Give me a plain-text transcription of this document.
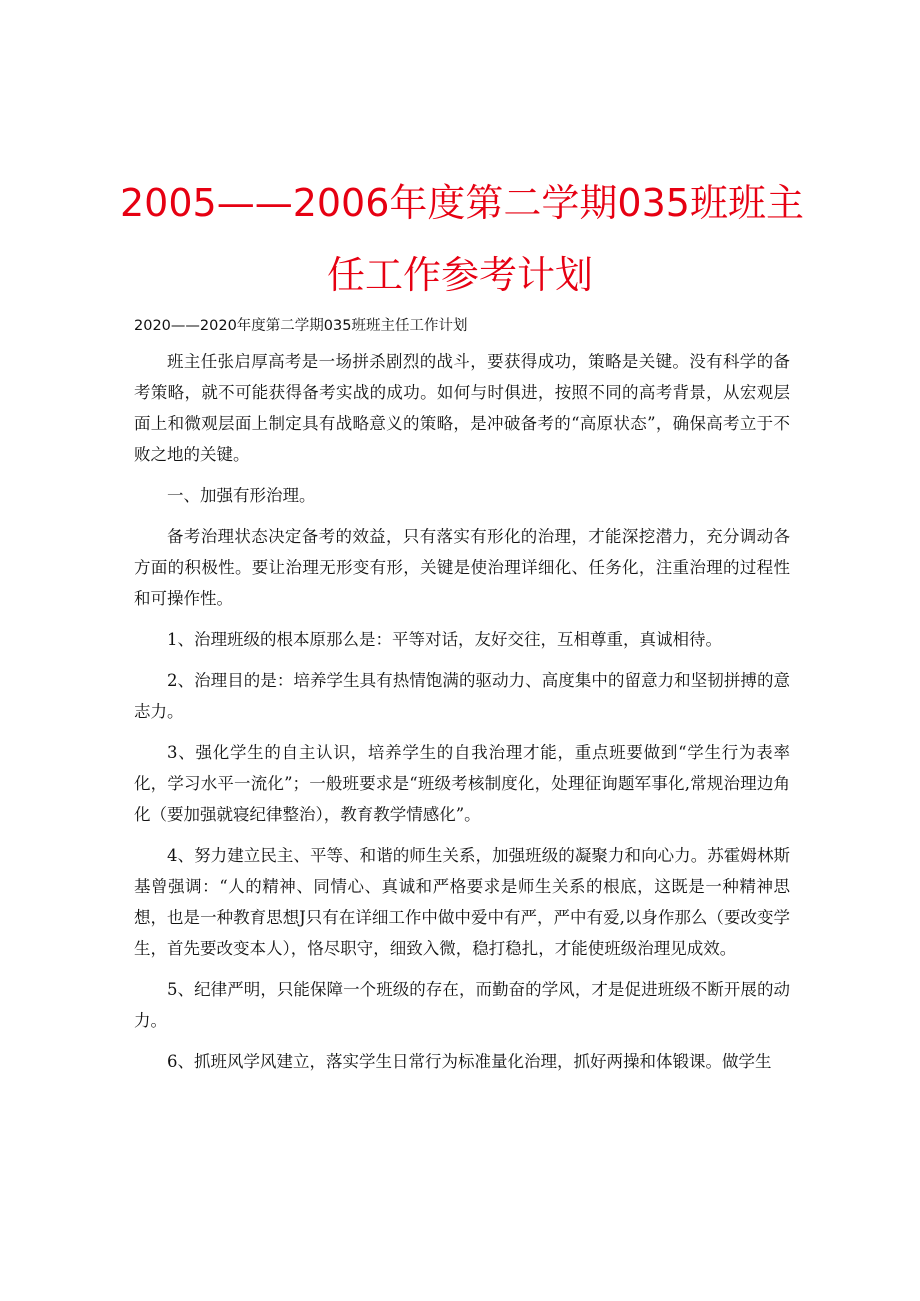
2005——2006年度第二学期035班班主
任工作参考计划
2020——2020年度第二学期035班班主任工作计划

班主任张启厚高考是一场拼杀剧烈的战斗，要获得成功，策略是关键。没有科学的备考策略，就不可能获得备考实战的成功。如何与时俱进，按照不同的高考背景，从宏观层面上和微观层面上制定具有战略意义的策略，是冲破备考的“高原状态”，确保高考立于不败之地的关键。

一、加强有形治理。

备考治理状态决定备考的效益，只有落实有形化的治理，才能深挖潜力，充分调动各方面的积极性。要让治理无形变有形，关键是使治理详细化、任务化，注重治理的过程性和可操作性。

1、治理班级的根本原那么是：平等对话，友好交往，互相尊重，真诚相待。

2、治理目的是：培养学生具有热情饱满的驱动力、高度集中的留意力和坚韧拼搏的意志力。

3、强化学生的自主认识，培养学生的自我治理才能，重点班要做到“学生行为表率化，学习水平一流化”；一般班要求是“班级考核制度化，处理征询题军事化,常规治理边角化（要加强就寝纪律整治），教育教学情感化”。

4、努力建立民主、平等、和谐的师生关系，加强班级的凝聚力和向心力。苏霍姆林斯基曾强调：“人的精神、同情心、真诚和严格要求是师生关系的根底，这既是一种精神思想，也是一种教育思想J只有在详细工作中做中爱中有严，严中有爱,以身作那么（要改变学生，首先要改变本人），恪尽职守，细致入微，稳打稳扎，才能使班级治理见成效。

5、纪律严明，只能保障一个班级的存在，而勤奋的学风，才是促进班级不断开展的动力。

6、抓班风学风建立，落实学生日常行为标准量化治理，抓好两操和体锻课。做学生
